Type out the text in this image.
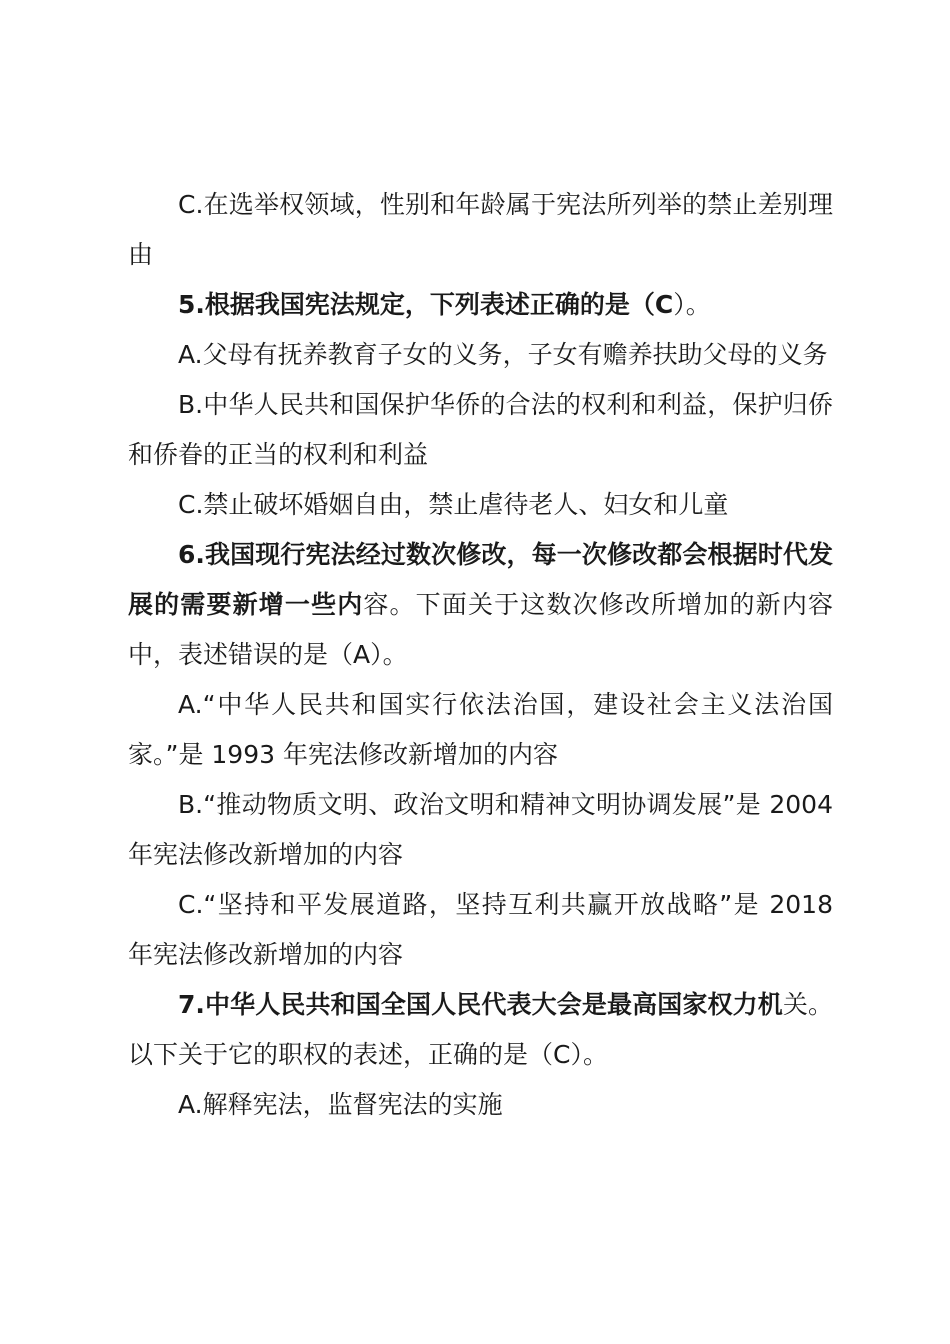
C.在选举权领域，性别和年龄属于宪法所列举的禁止差别理由

5.根据我国宪法规定，下列表述正确的是（C）。

A.父母有抚养教育子女的义务，子女有赡养扶助父母的义务

B.中华人民共和国保护华侨的合法的权利和利益，保护归侨和侨眷的正当的权利和利益

C.禁止破坏婚姻自由，禁止虐待老人、妇女和儿童

6.我国现行宪法经过数次修改，每一次修改都会根据时代发展的需要新增一些内容。下面关于这数次修改所增加的新内容中，表述错误的是（A）。

A.“中华人民共和国实行依法治国，建设社会主义法治国家。”是 1993 年宪法修改新增加的内容

B.“推动物质文明、政治文明和精神文明协调发展”是 2004 年宪法修改新增加的内容

C.“坚持和平发展道路，坚持互利共赢开放战略”是 2018 年宪法修改新增加的内容

7.中华人民共和国全国人民代表大会是最高国家权力机关。以下关于它的职权的表述，正确的是（C）。

A.解释宪法，监督宪法的实施
